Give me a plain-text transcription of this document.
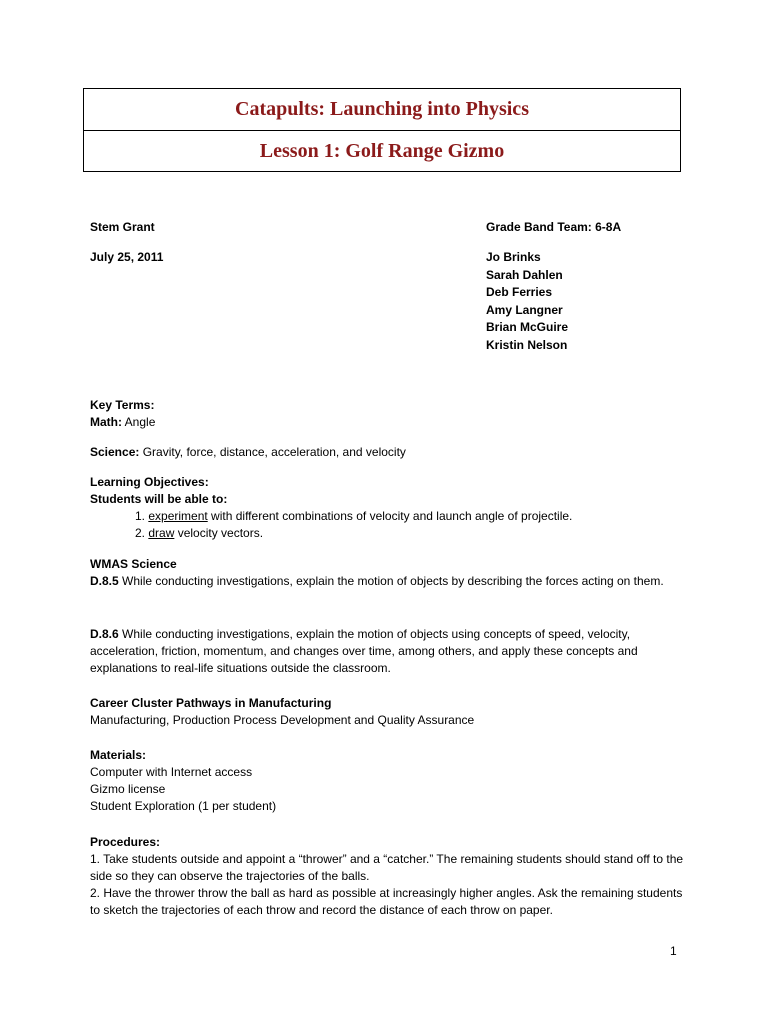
Catapults: Launching into Physics
Lesson 1: Golf Range Gizmo
Stem Grant
July 25, 2011
Grade Band Team: 6-8A
Jo Brinks
Sarah Dahlen
Deb Ferries
Amy Langner
Brian McGuire
Kristin Nelson
Key Terms:
Math: Angle
Science: Gravity, force, distance, acceleration, and velocity
Learning Objectives:
Students will be able to:
1. experiment with different combinations of velocity and launch angle of projectile.
2. draw velocity vectors.
WMAS Science
D.8.5 While conducting investigations, explain the motion of objects by describing the forces acting on them.
D.8.6 While conducting investigations, explain the motion of objects using concepts of speed, velocity, acceleration, friction, momentum, and changes over time, among others, and apply these concepts and explanations to real-life situations outside the classroom.
Career Cluster Pathways in Manufacturing
Manufacturing, Production Process Development and Quality Assurance
Materials:
Computer with Internet access
Gizmo license
Student Exploration (1 per student)
Procedures:
1. Take students outside and appoint a “thrower” and a “catcher.” The remaining students should stand off to the side so they can observe the trajectories of the balls.
2. Have the thrower throw the ball as hard as possible at increasingly higher angles. Ask the remaining students to sketch the trajectories of each throw and record the distance of each throw on paper.
1
